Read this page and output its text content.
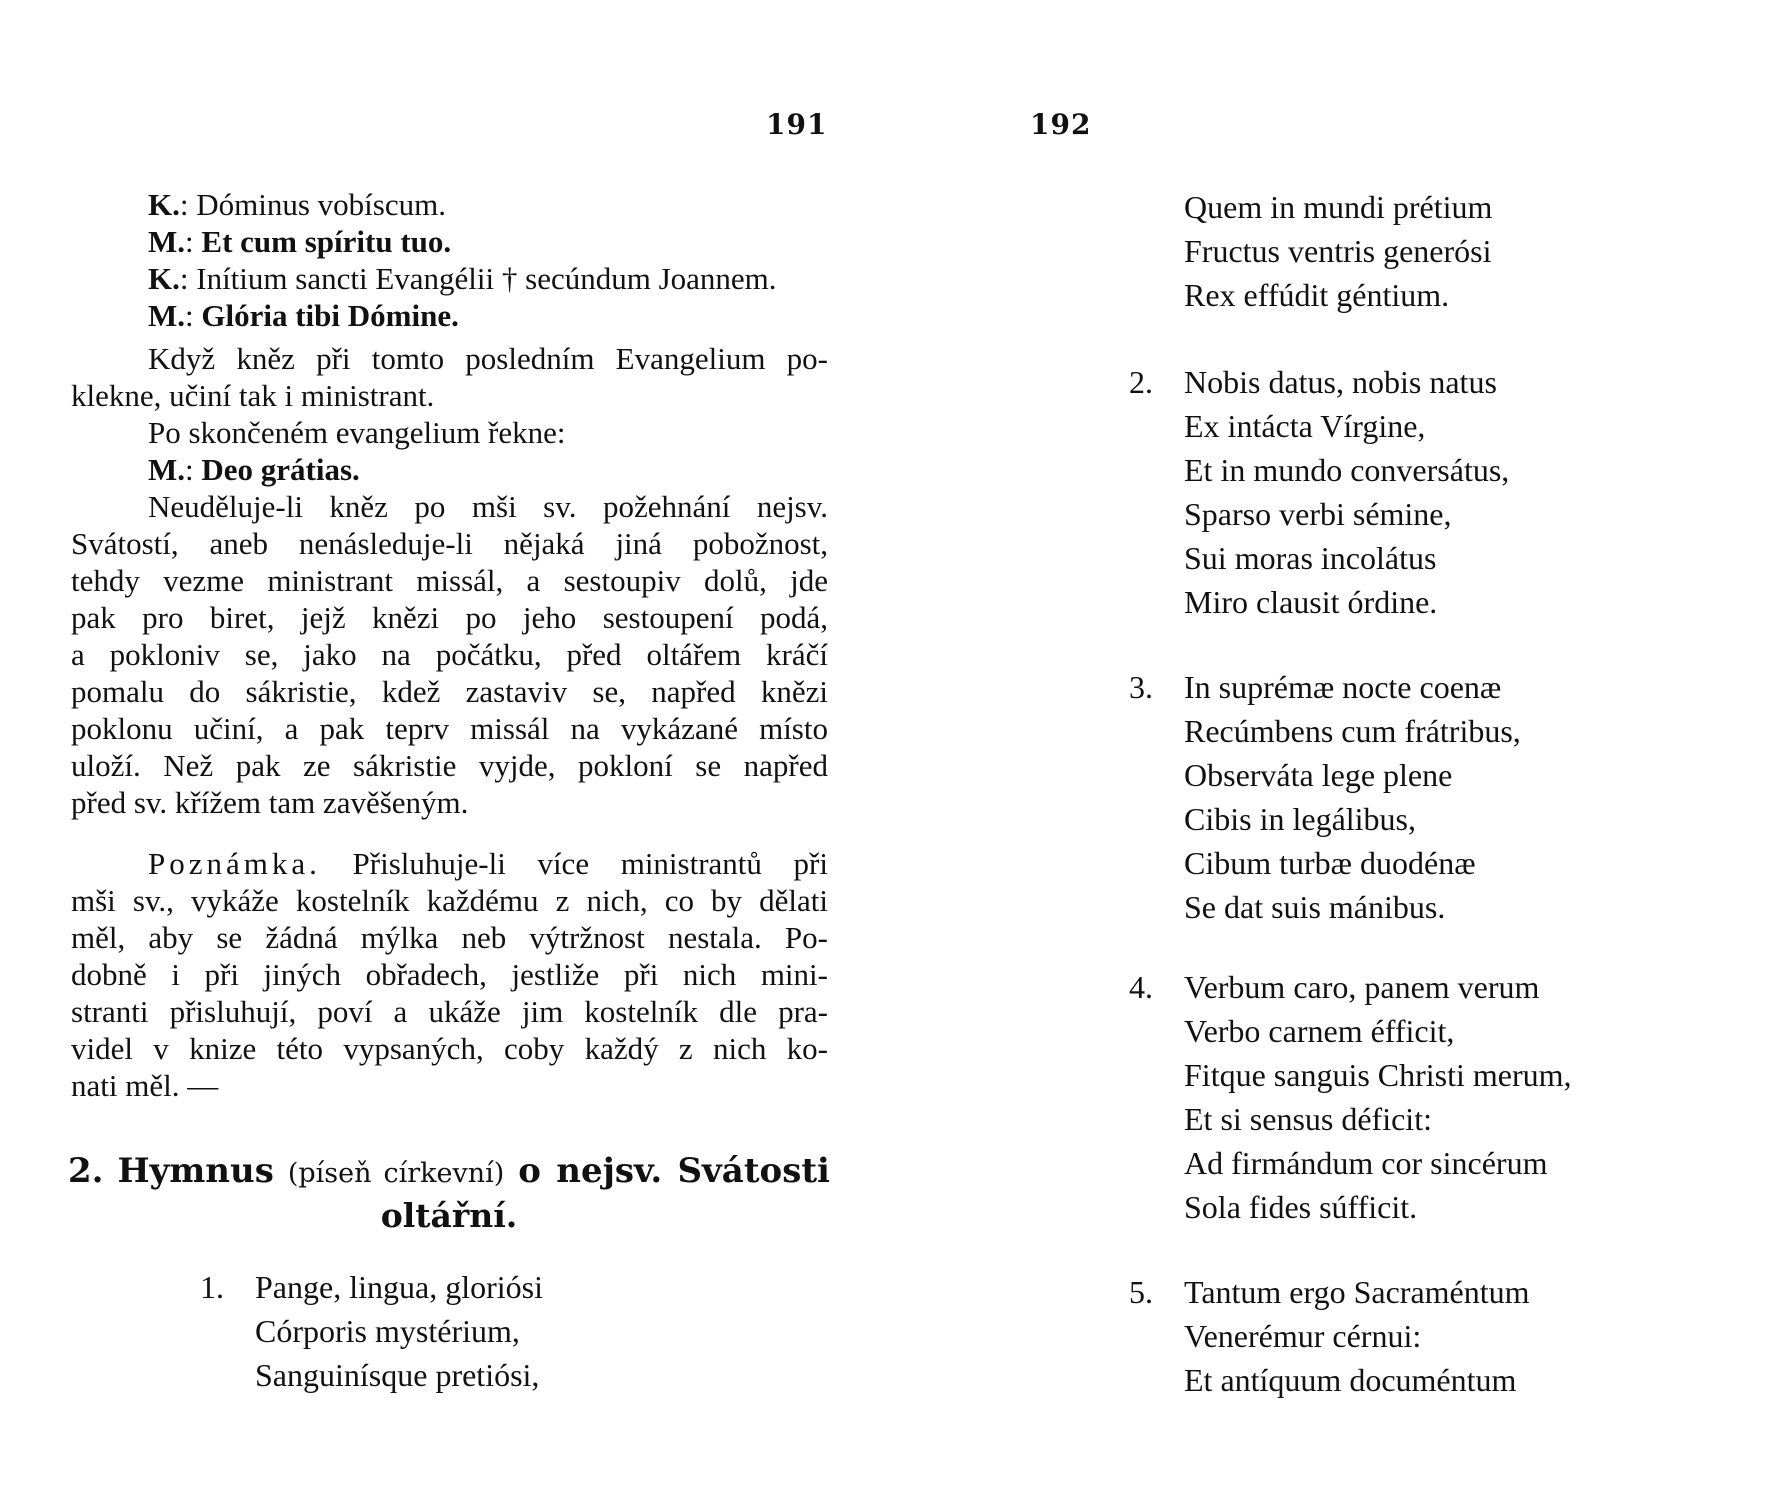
191
K.: Dóminus vobíscum.
M.: Et cum spíritu tuo.
K.: Inítium sancti Evangélii † secúndum Joannem.
M.: Glória tibi Dómine.
Když kněz při tomto posledním Evangelium po-
klekne, učiní tak i ministrant.
Po skončeném evangelium řekne:
M.: Deo grátias.
Neuděluje-li kněz po mši sv. požehnání nejsv.
Svátostí, aneb nenásleduje-li nějaká jiná pobožnost,
tehdy vezme ministrant missál, a sestoupiv dolů, jde
pak pro biret, jejž knězi po jeho sestoupení podá,
a pokloniv se, jako na počátku, před oltářem kráčí
pomalu do sákristie, kdež zastaviv se, napřed knězi
poklonu učiní, a pak teprv missál na vykázané místo
uloží. Než pak ze sákristie vyjde, pokloní se napřed
před sv. křížem tam zavěšeným.
Poznámka. Přisluhuje-li více ministrantů při
mši sv., vykáže kostelník každému z nich, co by dělati
měl, aby se žádná mýlka neb výtržnost nestala. Po-
dobně i při jiných obřadech, jestliže při nich mini-
stranti přisluhují, poví a ukáže jim kostelník dle pra-
videl v knize této vypsaných, coby každý z nich ko-
nati měl. —
2. Hymnus (píseň církevní) o nejsv. Svátosti
oltářní.
1. Pange, lingua, gloriósi
Córporis mystérium,
Sanguinísque pretiósi,
192
Quem in mundi prétium
Fructus ventris generósi
Rex effúdit géntium.
2. Nobis datus, nobis natus
Ex intácta Vírgine,
Et in mundo conversátus,
Sparso verbi sémine,
Sui moras incolátus
Miro clausit órdine.
3. In suprémæ nocte coenæ
Recúmbens cum frátribus,
Observáta lege plene
Cibis in legálibus,
Cibum turbæ duodénæ
Se dat suis mánibus.
4. Verbum caro, panem verum
Verbo carnem éfficit,
Fitque sanguis Christi merum,
Et si sensus déficit:
Ad firmándum cor sincérum
Sola fides súfficit.
5. Tantum ergo Sacraméntum
Venerémur cérnui:
Et antíquum documéntum
